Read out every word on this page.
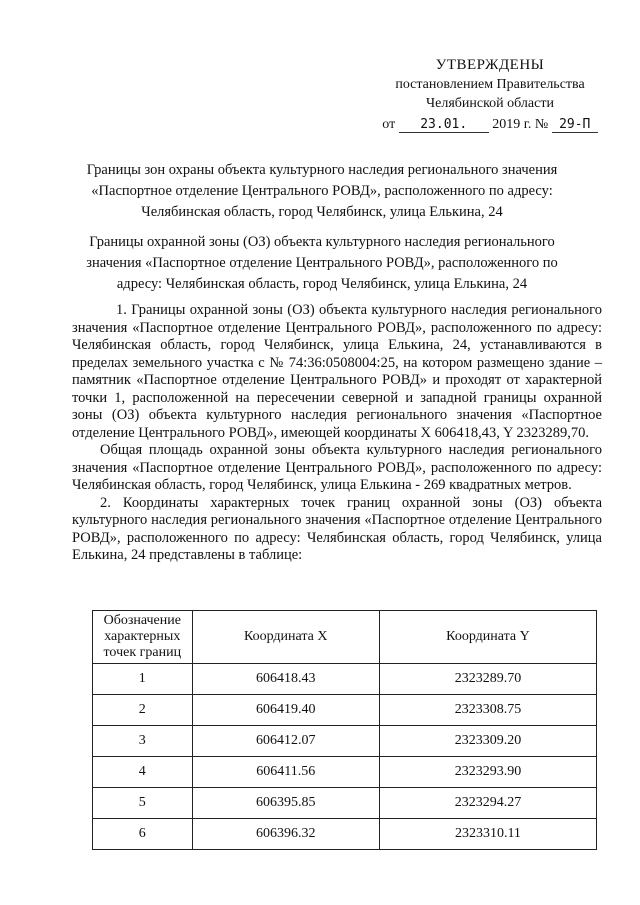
УТВЕРЖДЕНЫ
постановлением Правительства
Челябинской области
от 23.01. 2019 г. № 29-П
Границы зон охраны объекта культурного наследия регионального значения
«Паспортное отделение Центрального РОВД», расположенного по адресу:
Челябинская область, город Челябинск, улица Елькина, 24
Границы охранной зоны (ОЗ) объекта культурного наследия регионального
значения «Паспортное отделение Центрального РОВД», расположенного по
адресу: Челябинская область, город Челябинск, улица Елькина, 24

1. Границы охранной зоны (ОЗ) объекта культурного наследия регионального значения «Паспортное отделение Центрального РОВД», расположенного по адресу: Челябинская область, город Челябинск, улица Елькина, 24, устанавливаются в пределах земельного участка с № 74:36:0508004:25, на котором размещено здание – памятник «Паспортное отделение Центрального РОВД» и проходят от характерной точки 1, расположенной на пересечении северной и западной границы охранной зоны (ОЗ) объекта культурного наследия регионального значения «Паспортное отделение Центрального РОВД», имеющей координаты X 606418,43, Y 2323289,70.

Общая площадь охранной зоны объекта культурного наследия регионального значения «Паспортное отделение Центрального РОВД», расположенного по адресу: Челябинская область, город Челябинск, улица Елькина - 269 квадратных метров.

2. Координаты характерных точек границ охранной зоны (ОЗ) объекта культурного наследия регионального значения «Паспортное отделение Центрального РОВД», расположенного по адресу: Челябинская область, город Челябинск, улица Елькина, 24 представлены в таблице:

Обозначение характерных точек границ	Координата X	Координата Y
1	606418.43	2323289.70
2	606419.40	2323308.75
3	606412.07	2323309.20
4	606411.56	2323293.90
5	606395.85	2323294.27
6	606396.32	2323310.11
